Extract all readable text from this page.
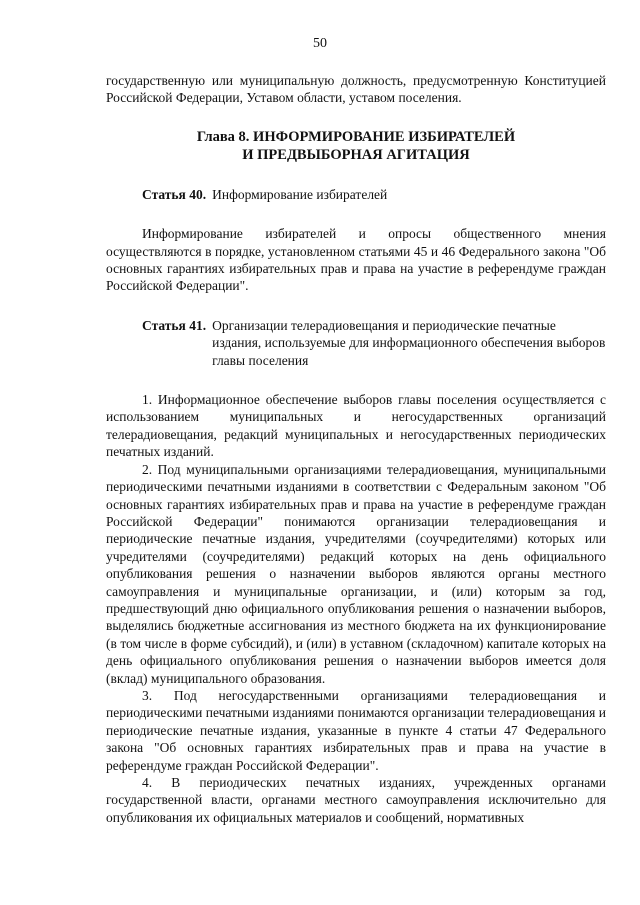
50

государственную или муниципальную должность, предусмотренную Конституцией Российской Федерации, Уставом области, уставом поселения.

Глава 8. ИНФОРМИРОВАНИЕ ИЗБИРАТЕЛЕЙ
И ПРЕДВЫБОРНАЯ АГИТАЦИЯ
Статья 40. Информирование избирателей

Информирование избирателей и опросы общественного мнения осуществляются в порядке, установленном статьями 45 и 46 Федерального закона "Об основных гарантиях избирательных прав и права на участие в референдуме граждан Российской Федерации".

Статья 41. Организации телерадиовещания и периодические печатные издания, используемые для информационного обеспечения выборов главы поселения

1. Информационное обеспечение выборов главы поселения осуществляется с использованием муниципальных и негосударственных организаций телерадиовещания, редакций муниципальных и негосударственных периодических печатных изданий.

2. Под муниципальными организациями телерадиовещания, муниципальными периодическими печатными изданиями в соответствии с Федеральным законом "Об основных гарантиях избирательных прав и права на участие в референдуме граждан Российской Федерации" понимаются организации телерадиовещания и периодические печатные издания, учредителями (соучредителями) которых или учредителями (соучредителями) редакций которых на день официального опубликования решения о назначении выборов являются органы местного самоуправления и муниципальные организации, и (или) которым за год, предшествующий дню официального опубликования решения о назначении выборов, выделялись бюджетные ассигнования из местного бюджета на их функционирование (в том числе в форме субсидий), и (или) в уставном (складочном) капитале которых на день официального опубликования решения о назначении выборов имеется доля (вклад) муниципального образования.

3. Под негосударственными организациями телерадиовещания и периодическими печатными изданиями понимаются организации телерадиовещания и периодические печатные издания, указанные в пункте 4 статьи 47 Федерального закона "Об основных гарантиях избирательных прав и права на участие в референдуме граждан Российской Федерации".

4. В периодических печатных изданиях, учрежденных органами государственной власти, органами местного самоуправления исключительно для опубликования их официальных материалов и сообщений, нормативных
